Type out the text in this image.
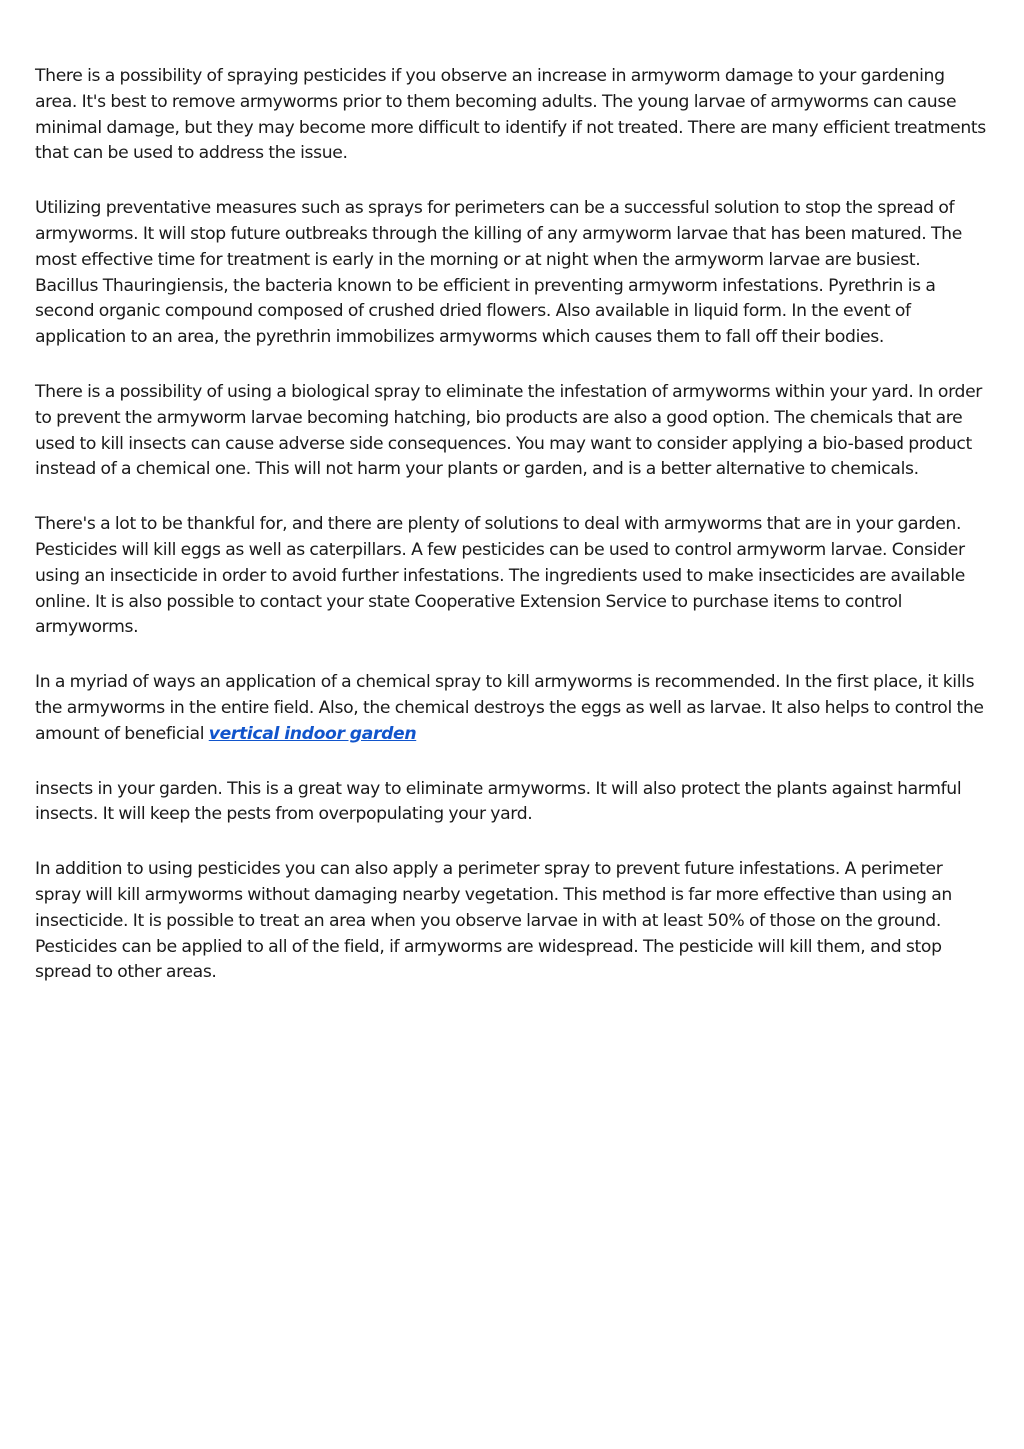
There is a possibility of spraying pesticides if you observe an increase in armyworm damage to your gardening area. It's best to remove armyworms prior to them becoming adults. The young larvae of armyworms can cause minimal damage, but they may become more difficult to identify if not treated. There are many efficient treatments that can be used to address the issue.

Utilizing preventative measures such as sprays for perimeters can be a successful solution to stop the spread of armyworms. It will stop future outbreaks through the killing of any armyworm larvae that has been matured. The most effective time for treatment is early in the morning or at night when the armyworm larvae are busiest. Bacillus Thauringiensis, the bacteria known to be efficient in preventing armyworm infestations. Pyrethrin is a second organic compound composed of crushed dried flowers. Also available in liquid form. In the event of application to an area, the pyrethrin immobilizes armyworms which causes them to fall off their bodies.

There is a possibility of using a biological spray to eliminate the infestation of armyworms within your yard. In order to prevent the armyworm larvae becoming hatching, bio products are also a good option. The chemicals that are used to kill insects can cause adverse side consequences. You may want to consider applying a bio-based product instead of a chemical one. This will not harm your plants or garden, and is a better alternative to chemicals.

There's a lot to be thankful for, and there are plenty of solutions to deal with armyworms that are in your garden. Pesticides will kill eggs as well as caterpillars. A few pesticides can be used to control armyworm larvae. Consider using an insecticide in order to avoid further infestations. The ingredients used to make insecticides are available online. It is also possible to contact your state Cooperative Extension Service to purchase items to control armyworms.

In a myriad of ways an application of a chemical spray to kill armyworms is recommended. In the first place, it kills the armyworms in the entire field. Also, the chemical destroys the eggs as well as larvae. It also helps to control the amount of beneficial vertical indoor garden

insects in your garden. This is a great way to eliminate armyworms. It will also protect the plants against harmful insects. It will keep the pests from overpopulating your yard.

In addition to using pesticides you can also apply a perimeter spray to prevent future infestations. A perimeter spray will kill armyworms without damaging nearby vegetation. This method is far more effective than using an insecticide. It is possible to treat an area when you observe larvae in with at least 50% of those on the ground. Pesticides can be applied to all of the field, if armyworms are widespread. The pesticide will kill them, and stop spread to other areas.
